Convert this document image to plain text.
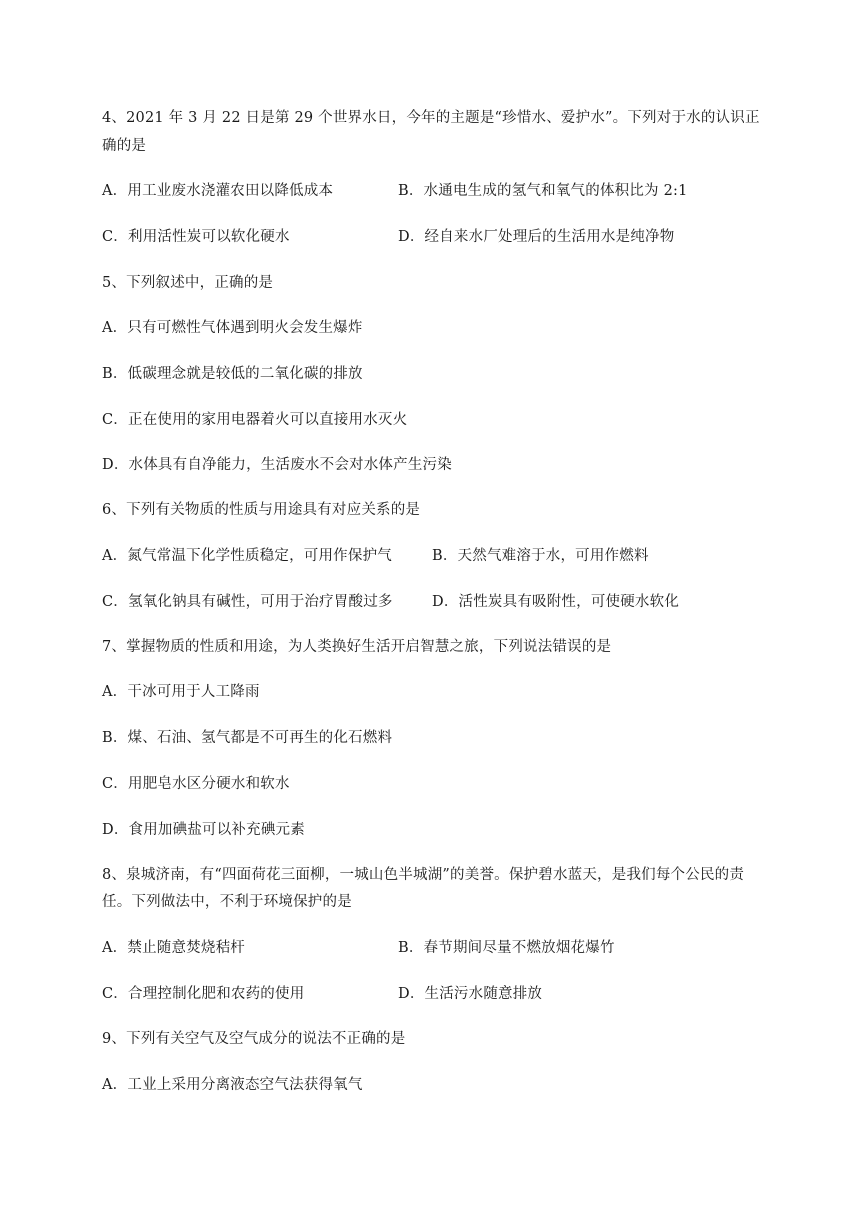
4、2021 年 3 月 22 日是第 29 个世界水日，今年的主题是“珍惜水、爱护水”。下列对于水的认识正
确的是
A．用工业废水浇灌农田以降低成本	B．水通电生成的氢气和氧气的体积比为 2:1
C．利用活性炭可以软化硬水	D．经自来水厂处理后的生活用水是纯净物
5、下列叙述中，正确的是
A．只有可燃性气体遇到明火会发生爆炸
B．低碳理念就是较低的二氧化碳的排放
C．正在使用的家用电器着火可以直接用水灭火
D．水体具有自净能力，生活废水不会对水体产生污染
6、下列有关物质的性质与用途具有对应关系的是
A．氮气常温下化学性质稳定，可用作保护气	B．天然气难溶于水，可用作燃料
C．氢氧化钠具有碱性，可用于治疗胃酸过多	D．活性炭具有吸附性，可使硬水软化
7、掌握物质的性质和用途，为人类换好生活开启智慧之旅，下列说法错误的是
A．干冰可用于人工降雨
B．煤、石油、氢气都是不可再生的化石燃料
C．用肥皂水区分硬水和软水
D．食用加碘盐可以补充碘元素
8、泉城济南，有“四面荷花三面柳，一城山色半城湖”的美誉。保护碧水蓝天，是我们每个公民的责
任。下列做法中，不利于环境保护的是
A．禁止随意焚烧秸杆	B．春节期间尽量不燃放烟花爆竹
C．合理控制化肥和农药的使用	D．生活污水随意排放
9、下列有关空气及空气成分的说法不正确的是
A．工业上采用分离液态空气法获得氧气
